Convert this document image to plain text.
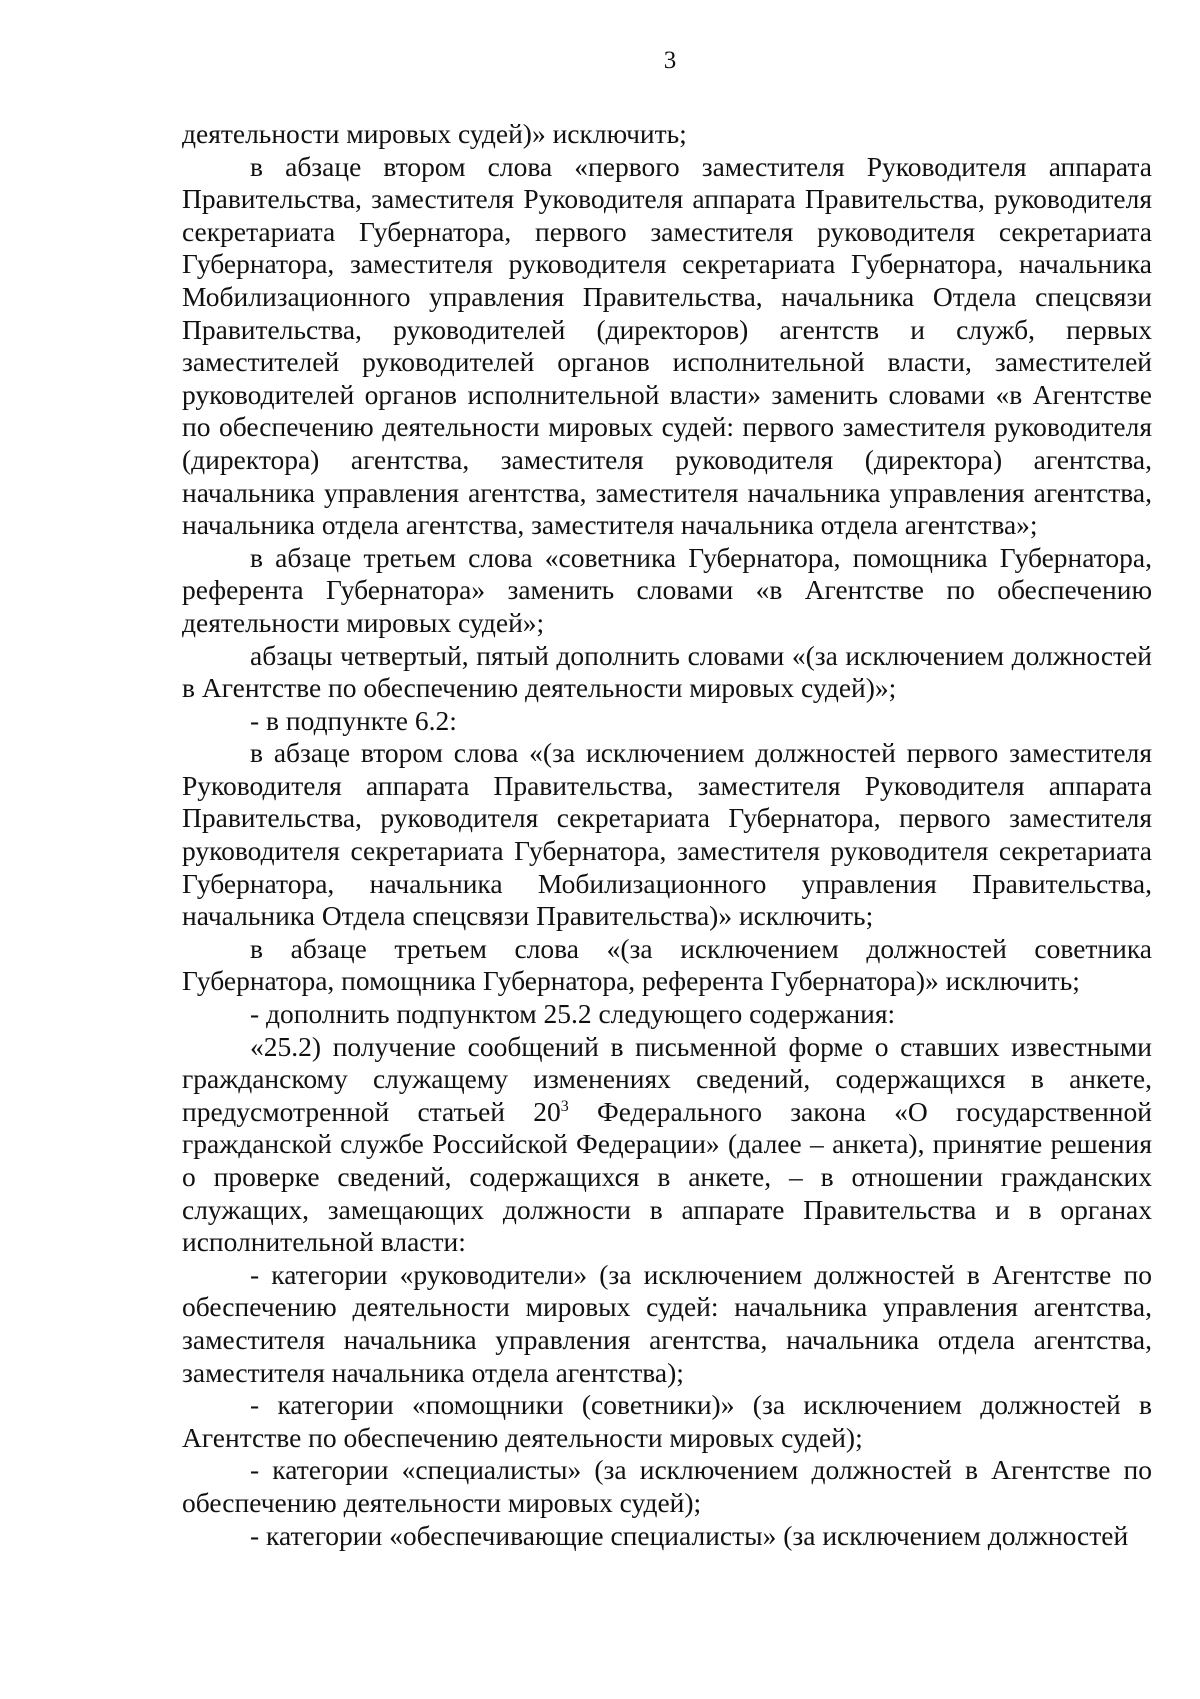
3

деятельности мировых судей)» исключить;

в абзаце втором слова «первого заместителя Руководителя аппарата Правительства, заместителя Руководителя аппарата Правительства, руководителя секретариата Губернатора, первого заместителя руководителя секретариата Губернатора, заместителя руководителя секретариата Губернатора, начальника Мобилизационного управления Правительства, начальника Отдела спецсвязи Правительства, руководителей (директоров) агентств и служб, первых заместителей руководителей органов исполнительной власти, заместителей руководителей органов исполнительной власти» заменить словами «в Агентстве по обеспечению деятельности мировых судей: первого заместителя руководителя (директора) агентства, заместителя руководителя (директора) агентства, начальника управления агентства, заместителя начальника управления агентства, начальника отдела агентства, заместителя начальника отдела агентства»;

в абзаце третьем слова «советника Губернатора, помощника Губернатора, референта Губернатора» заменить словами «в Агентстве по обеспечению деятельности мировых судей»;

абзацы четвертый, пятый дополнить словами «(за исключением должностей в Агентстве по обеспечению деятельности мировых судей)»;

- в подпункте 6.2:

в абзаце втором слова «(за исключением должностей первого заместителя Руководителя аппарата Правительства, заместителя Руководителя аппарата Правительства, руководителя секретариата Губернатора, первого заместителя руководителя секретариата Губернатора, заместителя руководителя секретариата Губернатора, начальника Мобилизационного управления Правительства, начальника Отдела спецсвязи Правительства)» исключить;

в абзаце третьем слова «(за исключением должностей советника Губернатора, помощника Губернатора, референта Губернатора)» исключить;

- дополнить подпунктом 25.2 следующего содержания:

«25.2) получение сообщений в письменной форме о ставших известными гражданскому служащему изменениях сведений, содержащихся в анкете, предусмотренной статьей $20^3$ Федерального закона «О государственной гражданской службе Российской Федерации» (далее – анкета), принятие решения о проверке сведений, содержащихся в анкете, – в отношении гражданских служащих, замещающих должности в аппарате Правительства и в органах исполнительной власти:

- категории «руководители» (за исключением должностей в Агентстве по обеспечению деятельности мировых судей: начальника управления агентства, заместителя начальника управления агентства, начальника отдела агентства, заместителя начальника отдела агентства);

- категории «помощники (советники)» (за исключением должностей в Агентстве по обеспечению деятельности мировых судей);

- категории «специалисты» (за исключением должностей в Агентстве по обеспечению деятельности мировых судей);

- категории «обеспечивающие специалисты» (за исключением должностей
